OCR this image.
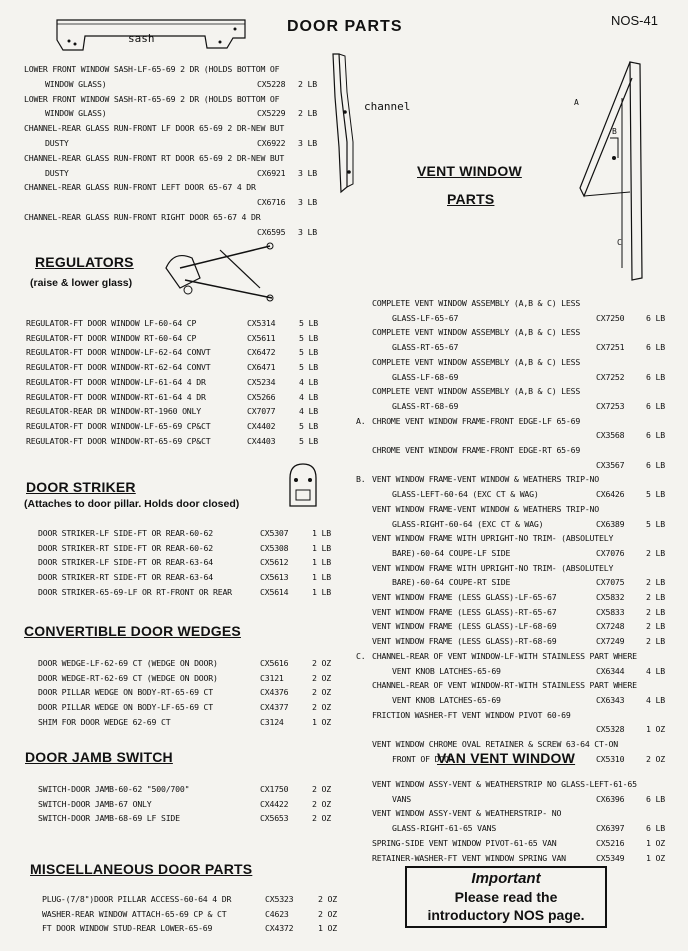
DOOR PARTS	NOS-41
sash
channel
LOWER FRONT WINDOW SASH-LF-65-69 2 DR (HOLDS BOTTOM OF
WINDOW GLASS)	CX5228 2 LB
LOWER FRONT WINDOW SASH-RT-65-69 2 DR (HOLDS BOTTOM OF
WINDOW GLASS)	CX5229 2 LB
CHANNEL-REAR GLASS RUN-FRONT LF DOOR 65-69 2 DR-NEW BUT
DUSTY	CX6922 3 LB
CHANNEL-REAR GLASS RUN-FRONT RT DOOR 65-69 2 DR-NEW BUT
DUSTY	CX6921 3 LB
CHANNEL-REAR GLASS RUN-FRONT LEFT DOOR 65-67 4 DR
CX6716 3 LB
CHANNEL-REAR GLASS RUN-FRONT RIGHT DOOR 65-67 4 DR
CX6595 3 LB
REGULATORS
(raise & lower glass)
REGULATOR-FT DOOR WINDOW LF-60-64 CP	CX5314	5 LB
REGULATOR-FT DOOR WINDOW RT-60-64 CP	CX5611	5 LB
REGULATOR-FT DOOR WINDOW-LF-62-64 CONVT	CX6472	5 LB
REGULATOR-FT DOOR WINDOW-RT-62-64 CONVT	CX6471	5 LB
REGULATOR-FT DOOR WINDOW-LF-61-64 4 DR	CX5234	4 LB
REGULATOR-FT DOOR WINDOW-RT-61-64 4 DR	CX5266	4 LB
REGULATOR-REAR DR WINDOW-RT-1960 ONLY	CX7077	4 LB
REGULATOR-FT DOOR WINDOW-LF-65-69 CP&CT	CX4402	5 LB
REGULATOR-FT DOOR WINDOW-RT-65-69 CP&CT	CX4403	5 LB
DOOR STRIKER
(Attaches to door pillar. Holds door closed)
DOOR STRIKER-LF SIDE-FT OR REAR-60-62	CX5307	1 LB
DOOR STRIKER-RT SIDE-FT OR REAR-60-62	CX5308	1 LB
DOOR STRIKER-LF SIDE-FT OR REAR-63-64	CX5612	1 LB
DOOR STRIKER-RT SIDE-FT OR REAR-63-64	CX5613	1 LB
DOOR STRIKER-65-69-LF OR RT-FRONT OR REAR	CX5614	1 LB
CONVERTIBLE DOOR WEDGES
DOOR WEDGE-LF-62-69 CT (WEDGE ON DOOR)	CX5616	2 OZ
DOOR WEDGE-RT-62-69 CT (WEDGE ON DOOR)	C3121	2 OZ
DOOR PILLAR WEDGE ON BODY-RT-65-69 CT	CX4376	2 OZ
DOOR PILLAR WEDGE ON BODY-LF-65-69 CT	CX4377	2 OZ
SHIM FOR DOOR WEDGE 62-69 CT	C3124	1 OZ
DOOR JAMB SWITCH
SWITCH-DOOR JAMB-60-62 "500/700"	CX1750	2 OZ
SWITCH-DOOR JAMB-67 ONLY	CX4422	2 OZ
SWITCH-DOOR JAMB-68-69 LF SIDE	CX5653	2 OZ
MISCELLANEOUS DOOR PARTS
PLUG-(7/8")DOOR PILLAR ACCESS-60-64 4 DR	CX5323	2 OZ
WASHER-REAR WINDOW ATTACH-65-69 CP & CT	C4623	2 OZ
FT DOOR WINDOW STUD-REAR LOWER-65-69	CX4372	1 OZ
VENT WINDOW
PARTS
A
B
C
COMPLETE VENT WINDOW ASSEMBLY (A,B & C) LESS
GLASS-LF-65-67	CX7250	6 LB
COMPLETE VENT WINDOW ASSEMBLY (A,B & C) LESS
GLASS-RT-65-67	CX7251	6 LB
COMPLETE VENT WINDOW ASSEMBLY (A,B & C) LESS
GLASS-LF-68-69	CX7252	6 LB
COMPLETE VENT WINDOW ASSEMBLY (A,B & C) LESS
GLASS-RT-68-69	CX7253	6 LB
A. CHROME VENT WINDOW FRAME-FRONT EDGE-LF 65-69
CX3568	6 LB
CHROME VENT WINDOW FRAME-FRONT EDGE-RT 65-69
CX3567	6 LB
B. VENT WINDOW FRAME-VENT WINDOW & WEATHERS TRIP-NO
GLASS-LEFT-60-64 (EXC CT & WAG)	CX6426	5 LB
VENT WINDOW FRAME-VENT WINDOW & WEATHERS TRIP-NO
GLASS-RIGHT-60-64 (EXC CT & WAG)	CX6389	5 LB
VENT WINDOW FRAME WITH UPRIGHT-NO TRIM- (ABSOLUTELY
BARE)-60-64 COUPE-LF SIDE	CX7076	2 LB
VENT WINDOW FRAME WITH UPRIGHT-NO TRIM- (ABSOLUTELY
BARE)-60-64 COUPE-RT SIDE	CX7075	2 LB
VENT WINDOW FRAME (LESS GLASS)-LF-65-67	CX5832	2 LB
VENT WINDOW FRAME (LESS GLASS)-RT-65-67	CX5833	2 LB
VENT WINDOW FRAME (LESS GLASS)-LF-68-69	CX7248	2 LB
VENT WINDOW FRAME (LESS GLASS)-RT-68-69	CX7249	2 LB
C. CHANNEL-REAR OF VENT WINDOW-LF-WITH STAINLESS PART WHERE
VENT KNOB LATCHES-65-69	CX6344	4 LB
CHANNEL-REAR OF VENT WINDOW-RT-WITH STAINLESS PART WHERE
VENT KNOB LATCHES-65-69	CX6343	4 LB
FRICTION WASHER-FT VENT WINDOW PIVOT 60-69
CX5328	1 OZ
VENT WINDOW CHROME OVAL RETAINER & SCREW 63-64 CT-ON
FRONT OF DOOR	CX5310	2 OZ
VAN VENT WINDOW
VENT WINDOW ASSY-VENT & WEATHERSTRIP NO GLASS-LEFT-61-65
VANS	CX6396	6 LB
VENT WINDOW ASSY-VENT & WEATHERSTRIP- NO
GLASS-RIGHT-61-65 VANS	CX6397	6 LB
SPRING-SIDE VENT WINDOW PIVOT-61-65 VAN	CX5216	1 OZ
RETAINER-WASHER-FT VENT WINDOW SPRING VAN	CX5349	1 OZ
Important
Please read the
introductory NOS page.
